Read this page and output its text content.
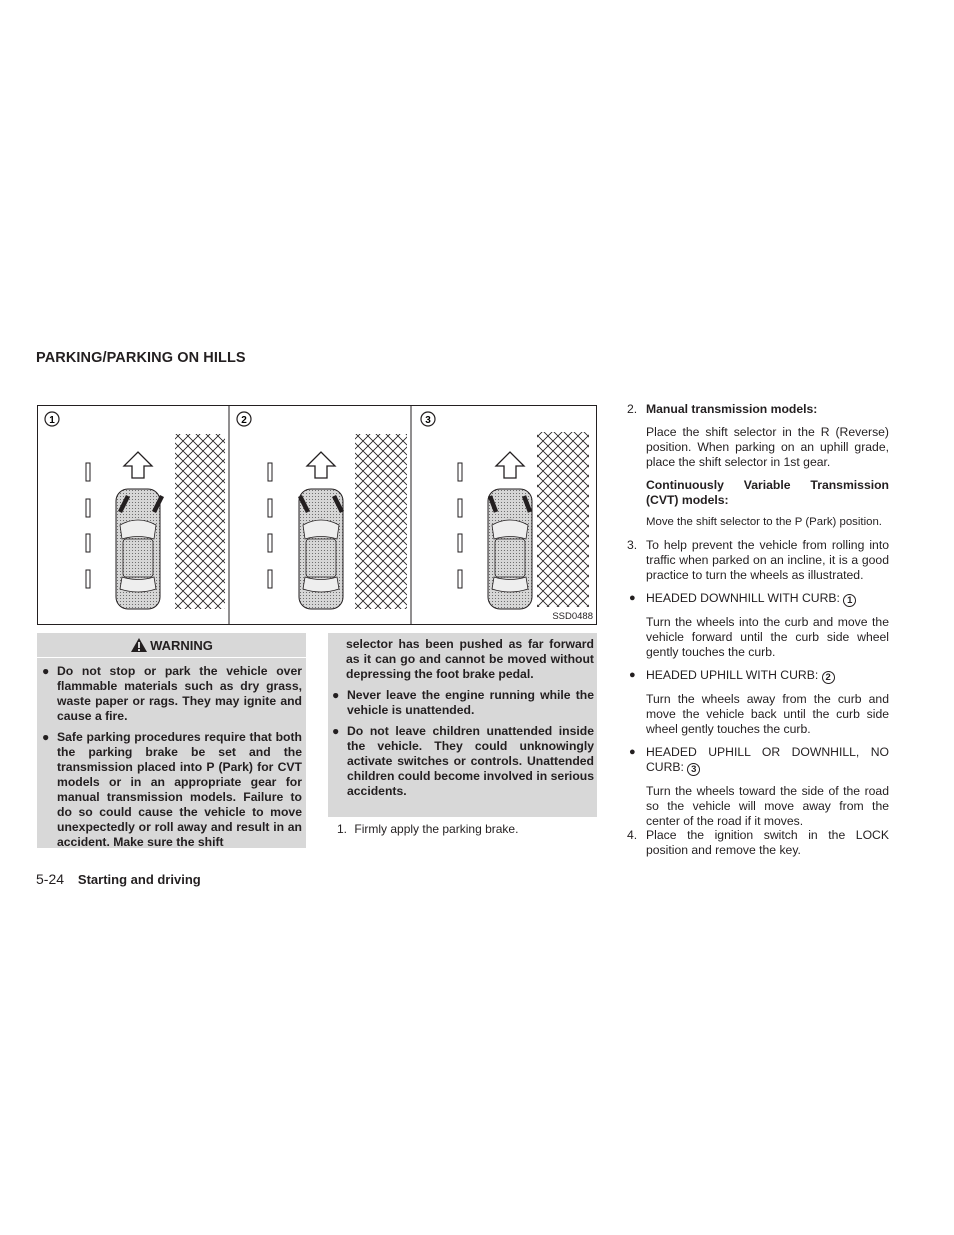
PARKING/PARKING ON HILLS
1	2	3
SSD0488
WARNING
● Do not stop or park the vehicle over flammable materials such as dry grass, waste paper or rags. They may ignite and cause a fire.
● Safe parking procedures require that both the parking brake be set and the transmission placed into P (Park) for CVT models or in an appropriate gear for manual transmission models. Failure to do so could cause the vehicle to move unexpectedly or roll away and result in an accident. Make sure the shift
selector has been pushed as far forward as it can go and cannot be moved without depressing the foot brake pedal.
● Never leave the engine running while the vehicle is unattended.
● Do not leave children unattended inside the vehicle. They could unknowingly activate switches or controls. Unattended children could become involved in serious accidents.
1. Firmly apply the parking brake.
2. Manual transmission models:
Place the shift selector in the R (Reverse) position. When parking on an uphill grade, place the shift selector in 1st gear.
Continuously Variable Transmission (CVT) models:
Move the shift selector to the P (Park) position.
3. To help prevent the vehicle from rolling into traffic when parked on an incline, it is a good practice to turn the wheels as illustrated.
● HEADED DOWNHILL WITH CURB: 1
Turn the wheels into the curb and move the vehicle forward until the curb side wheel gently touches the curb.
● HEADED UPHILL WITH CURB: 2
Turn the wheels away from the curb and move the vehicle back until the curb side wheel gently touches the curb.
● HEADED UPHILL OR DOWNHILL, NO CURB: 3
Turn the wheels toward the side of the road so the vehicle will move away from the center of the road if it moves.
4. Place the ignition switch in the LOCK position and remove the key.
5-24 Starting and driving
